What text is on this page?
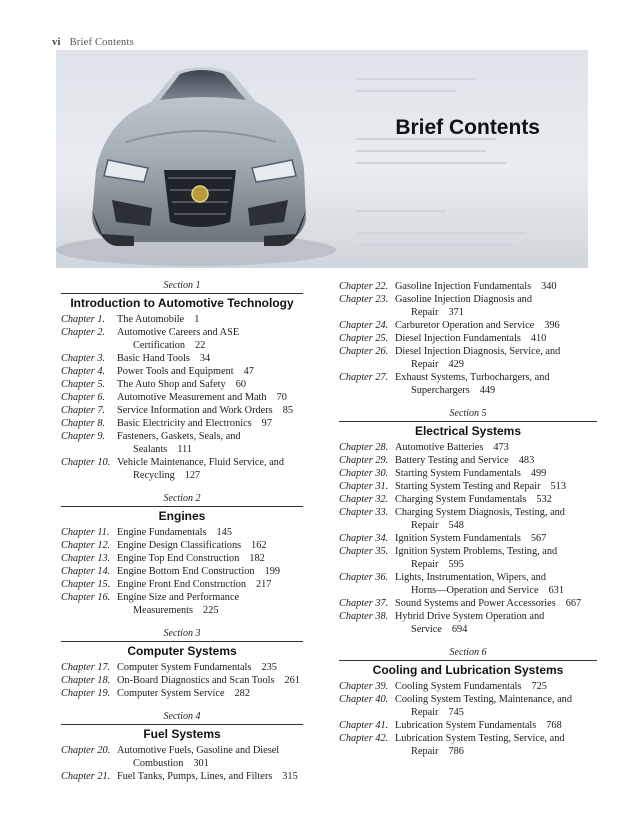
vi Brief Contents
Brief Contents
Section 1
Introduction to Automotive Technology
Chapter 1.	The Automobile 1
Chapter 2.	Automotive Careers and ASE
Certification 22
Chapter 3.	Basic Hand Tools 34
Chapter 4.	Power Tools and Equipment 47
Chapter 5.	The Auto Shop and Safety 60
Chapter 6.	Automotive Measurement and Math 70
Chapter 7.	Service Information and Work Orders 85
Chapter 8.	Basic Electricity and Electronics 97
Chapter 9.	Fasteners, Gaskets, Seals, and
Sealants 111
Chapter 10. Vehicle Maintenance, Fluid Service, and
Recycling 127
Section 2
Engines
Chapter 11. Engine Fundamentals 145
Chapter 12. Engine Design Classifications 162
Chapter 13. Engine Top End Construction 182
Chapter 14. Engine Bottom End Construction 199
Chapter 15. Engine Front End Construction 217
Chapter 16. Engine Size and Performance
Measurements 225
Section 3
Computer Systems
Chapter 17. Computer System Fundamentals 235
Chapter 18. On-Board Diagnostics and Scan Tools 261
Chapter 19. Computer System Service 282
Section 4
Fuel Systems
Chapter 20. Automotive Fuels, Gasoline and Diesel
Combustion 301
Chapter 21. Fuel Tanks, Pumps, Lines, and Filters 315
Chapter 22. Gasoline Injection Fundamentals 340
Chapter 23. Gasoline Injection Diagnosis and
Repair 371
Chapter 24. Carburetor Operation and Service 396
Chapter 25. Diesel Injection Fundamentals 410
Chapter 26. Diesel Injection Diagnosis, Service, and
Repair 429
Chapter 27. Exhaust Systems, Turbochargers, and
Superchargers 449
Section 5
Electrical Systems
Chapter 28. Automotive Batteries 473
Chapter 29. Battery Testing and Service 483
Chapter 30. Starting System Fundamentals 499
Chapter 31. Starting System Testing and Repair 513
Chapter 32. Charging System Fundamentals 532
Chapter 33. Charging System Diagnosis, Testing, and
Repair 548
Chapter 34. Ignition System Fundamentals 567
Chapter 35. Ignition System Problems, Testing, and
Repair 595
Chapter 36. Lights, Instrumentation, Wipers, and
Horns—Operation and Service 631
Chapter 37. Sound Systems and Power Accessories 667
Chapter 38. Hybrid Drive System Operation and
Service 694
Section 6
Cooling and Lubrication Systems
Chapter 39. Cooling System Fundamentals 725
Chapter 40. Cooling System Testing, Maintenance, and
Repair 745
Chapter 41. Lubrication System Fundamentals 768
Chapter 42. Lubrication System Testing, Service, and
Repair 786
